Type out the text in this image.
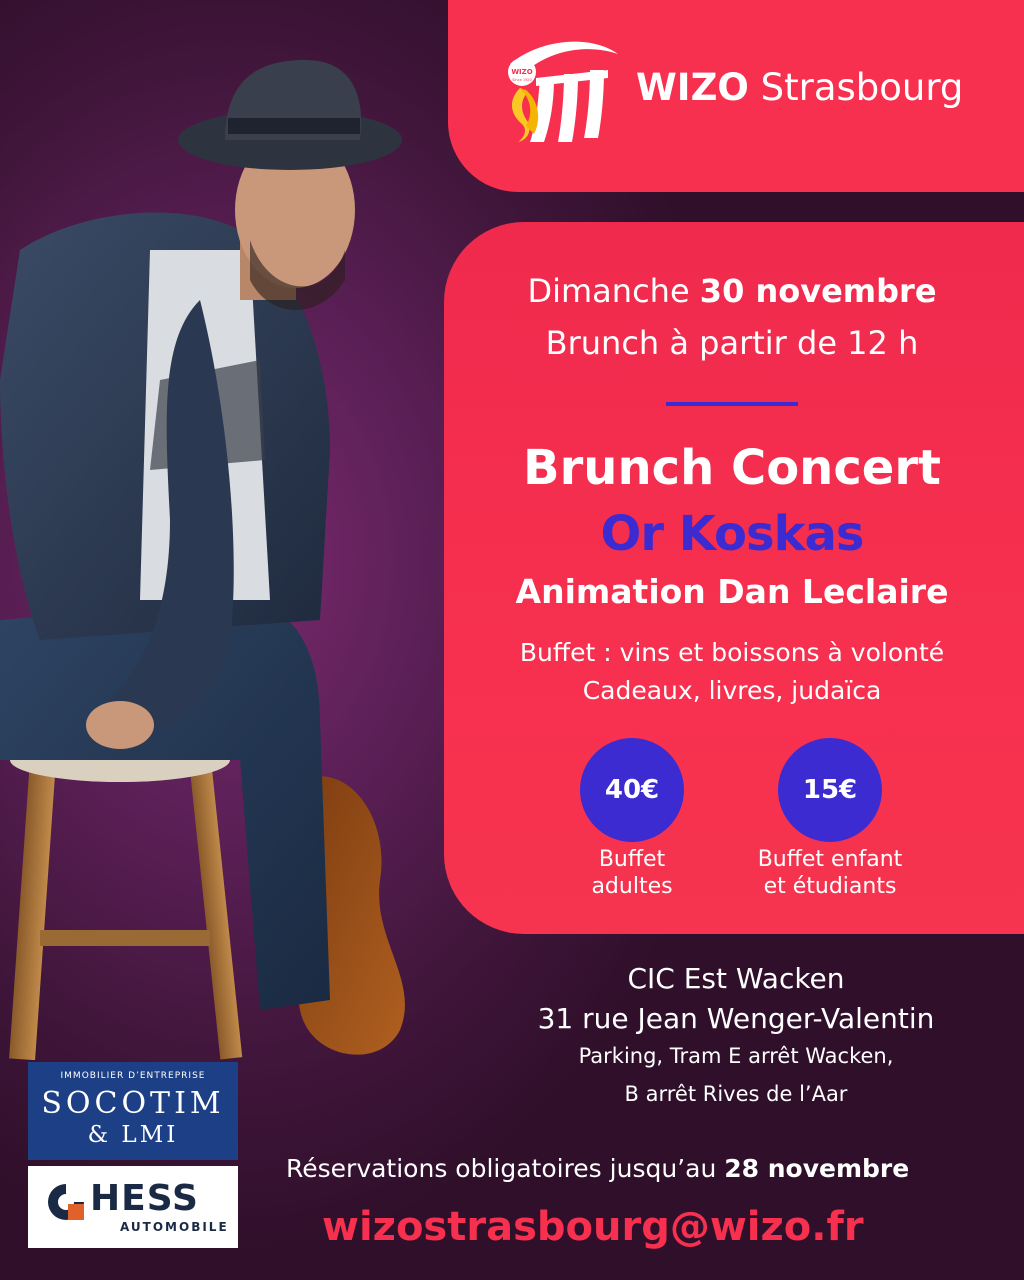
WIZO
Since 1920	WIZO Strasbourg
Dimanche 30 novembre
Brunch à partir de 12 h
Brunch Concert
Or Koskas
Animation Dan Leclaire
Buffet : vins et boissons à volonté
Cadeaux, livres, judaïca
40€	15€
Buffet
adultes
Buffet enfant
et étudiants
CIC Est Wacken
31 rue Jean Wenger-Valentin
Parking, Tram E arrêt Wacken,
B arrêt Rives de l’Aar
Réservations obligatoires jusqu’au 28 novembre
wizostrasbourg@wizo.fr
IMMOBILIER D’ENTREPRISE
SOCOTIM
& LMI
HESS
AUTOMOBILE
